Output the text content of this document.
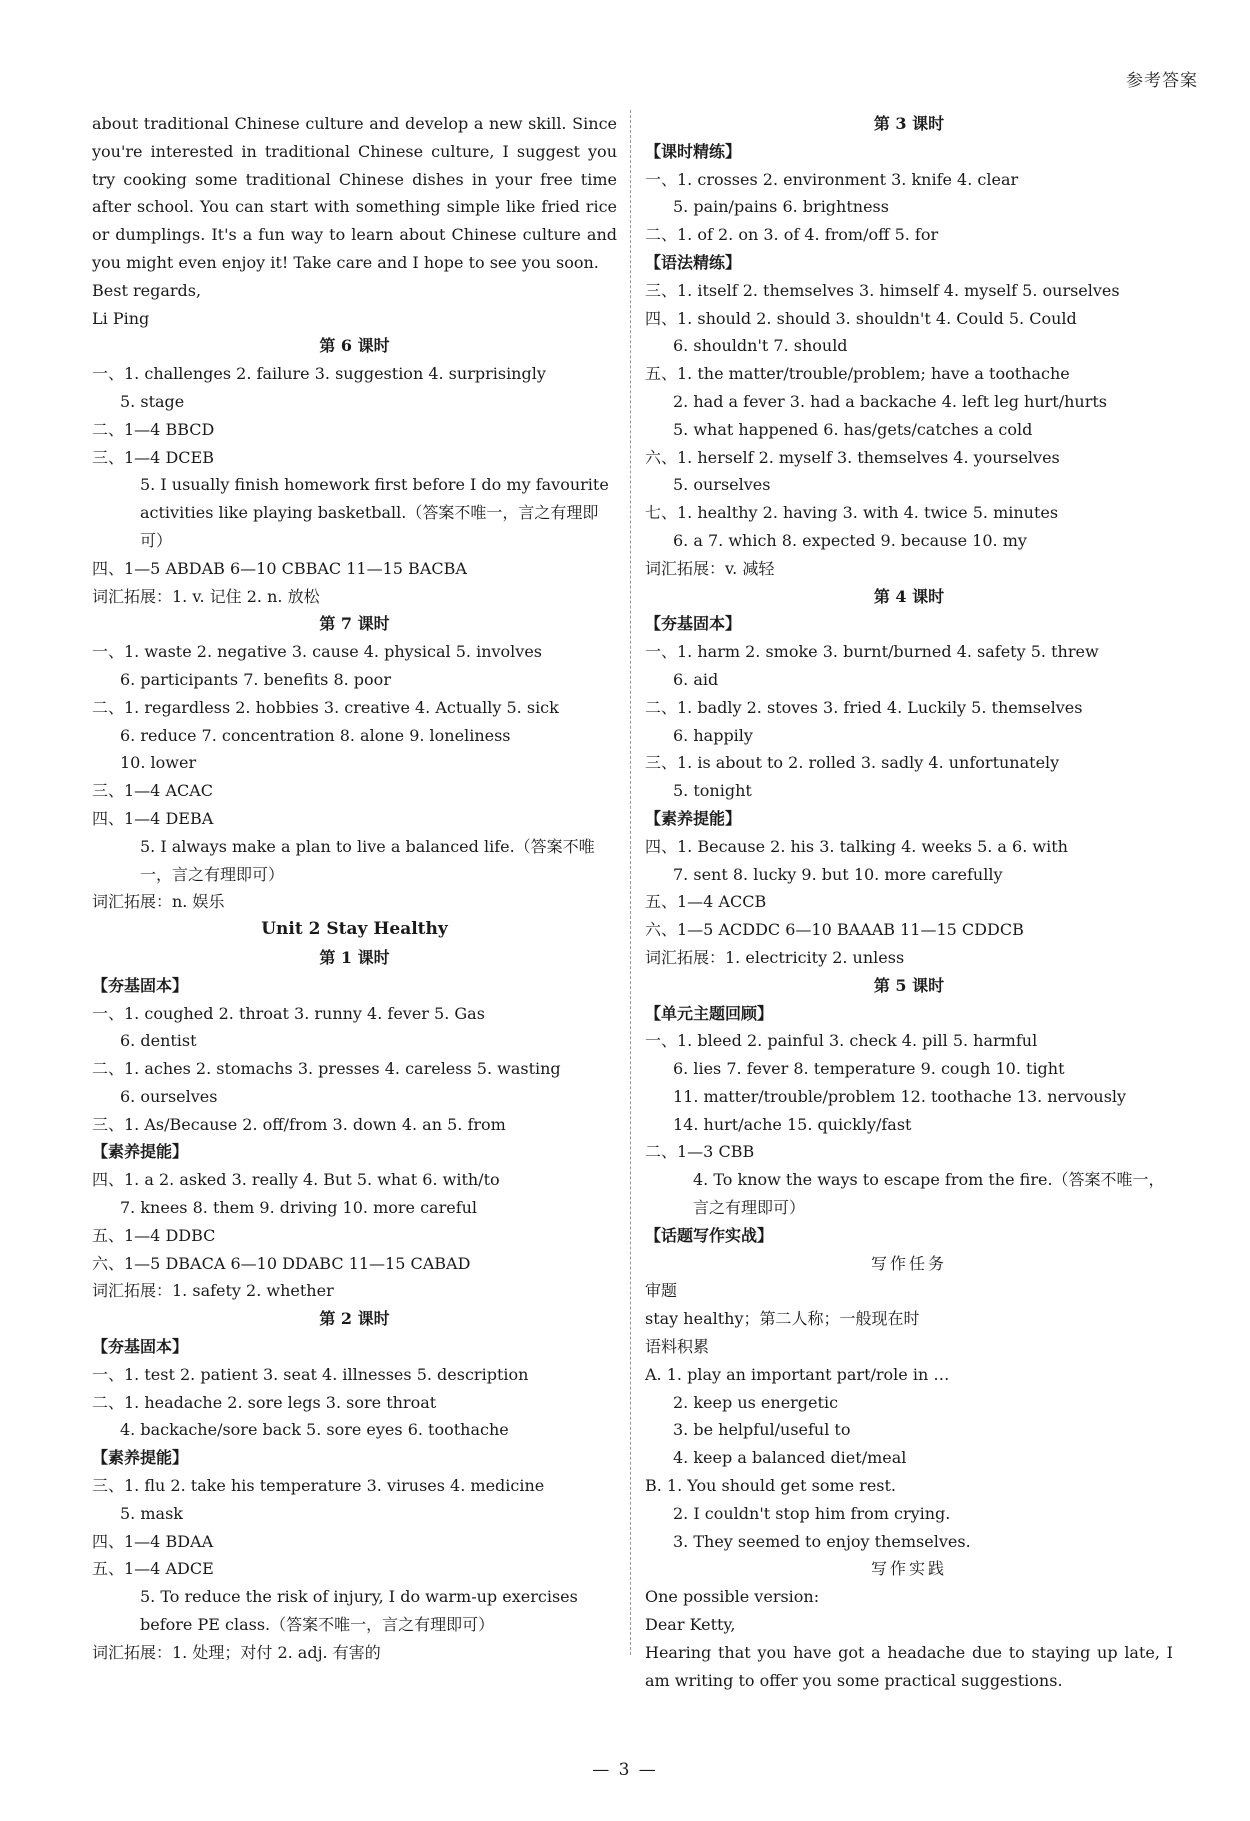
参考答案
about traditional Chinese culture and develop a new skill. Since you're interested in traditional Chinese culture, I suggest you try cooking some traditional Chinese dishes in your free time after school. You can start with something simple like fried rice or dumplings. It's a fun way to learn about Chinese culture and you might even enjoy it! Take care and I hope to see you soon.
Best regards,
Li Ping
第 6 课时
一、1. challenges 2. failure 3. suggestion 4. surprisingly
5. stage
二、1—4 BBCD
三、1—4 DCEB
5. I usually finish homework first before I do my favourite activities like playing basketball.（答案不唯一，言之有理即可）
四、1—5 ABDAB 6—10 CBBAC 11—15 BACBA
词汇拓展：1. v. 记住 2. n. 放松
第 7 课时
一、1. waste 2. negative 3. cause 4. physical 5. involves
6. participants 7. benefits 8. poor
二、1. regardless 2. hobbies 3. creative 4. Actually 5. sick
6. reduce 7. concentration 8. alone 9. loneliness
10. lower
三、1—4 ACAC
四、1—4 DEBA
5. I always make a plan to live a balanced life.（答案不唯一，言之有理即可）
词汇拓展：n. 娱乐
Unit 2 Stay Healthy
第 1 课时
【夯基固本】
一、1. coughed 2. throat 3. runny 4. fever 5. Gas
6. dentist
二、1. aches 2. stomachs 3. presses 4. careless 5. wasting
6. ourselves
三、1. As/Because 2. off/from 3. down 4. an 5. from
【素养提能】
四、1. a 2. asked 3. really 4. But 5. what 6. with/to
7. knees 8. them 9. driving 10. more careful
五、1—4 DDBC
六、1—5 DBACA 6—10 DDABC 11—15 CABAD
词汇拓展：1. safety 2. whether
第 2 课时
【夯基固本】
一、1. test 2. patient 3. seat 4. illnesses 5. description
二、1. headache 2. sore legs 3. sore throat
4. backache/sore back 5. sore eyes 6. toothache
【素养提能】
三、1. flu 2. take his temperature 3. viruses 4. medicine
5. mask
四、1—4 BDAA
五、1—4 ADCE
5. To reduce the risk of injury, I do warm-up exercises before PE class.（答案不唯一，言之有理即可）
词汇拓展：1. 处理；对付 2. adj. 有害的
第 3 课时
【课时精练】
一、1. crosses 2. environment 3. knife 4. clear
5. pain/pains 6. brightness
二、1. of 2. on 3. of 4. from/off 5. for
【语法精练】
三、1. itself 2. themselves 3. himself 4. myself 5. ourselves
四、1. should 2. should 3. shouldn't 4. Could 5. Could
6. shouldn't 7. should
五、1. the matter/trouble/problem; have a toothache
2. had a fever 3. had a backache 4. left leg hurt/hurts
5. what happened 6. has/gets/catches a cold
六、1. herself 2. myself 3. themselves 4. yourselves
5. ourselves
七、1. healthy 2. having 3. with 4. twice 5. minutes
6. a 7. which 8. expected 9. because 10. my
词汇拓展：v. 减轻
第 4 课时
【夯基固本】
一、1. harm 2. smoke 3. burnt/burned 4. safety 5. threw
6. aid
二、1. badly 2. stoves 3. fried 4. Luckily 5. themselves
6. happily
三、1. is about to 2. rolled 3. sadly 4. unfortunately
5. tonight
【素养提能】
四、1. Because 2. his 3. talking 4. weeks 5. a 6. with
7. sent 8. lucky 9. but 10. more carefully
五、1—4 ACCB
六、1—5 ACDDC 6—10 BAAAB 11—15 CDDCB
词汇拓展：1. electricity 2. unless
第 5 课时
【单元主题回顾】
一、1. bleed 2. painful 3. check 4. pill 5. harmful
6. lies 7. fever 8. temperature 9. cough 10. tight
11. matter/trouble/problem 12. toothache 13. nervously
14. hurt/ache 15. quickly/fast
二、1—3 CBB
4. To know the ways to escape from the fire.（答案不唯一，言之有理即可）
【话题写作实战】
写作任务
审题
stay healthy；第二人称；一般现在时
语料积累
A. 1. play an important part/role in …
2. keep us energetic
3. be helpful/useful to
4. keep a balanced diet/meal
B. 1. You should get some rest.
2. I couldn't stop him from crying.
3. They seemed to enjoy themselves.
写作实践
One possible version:
Dear Ketty,
Hearing that you have got a headache due to staying up late, I am writing to offer you some practical suggestions.
— 3 —
